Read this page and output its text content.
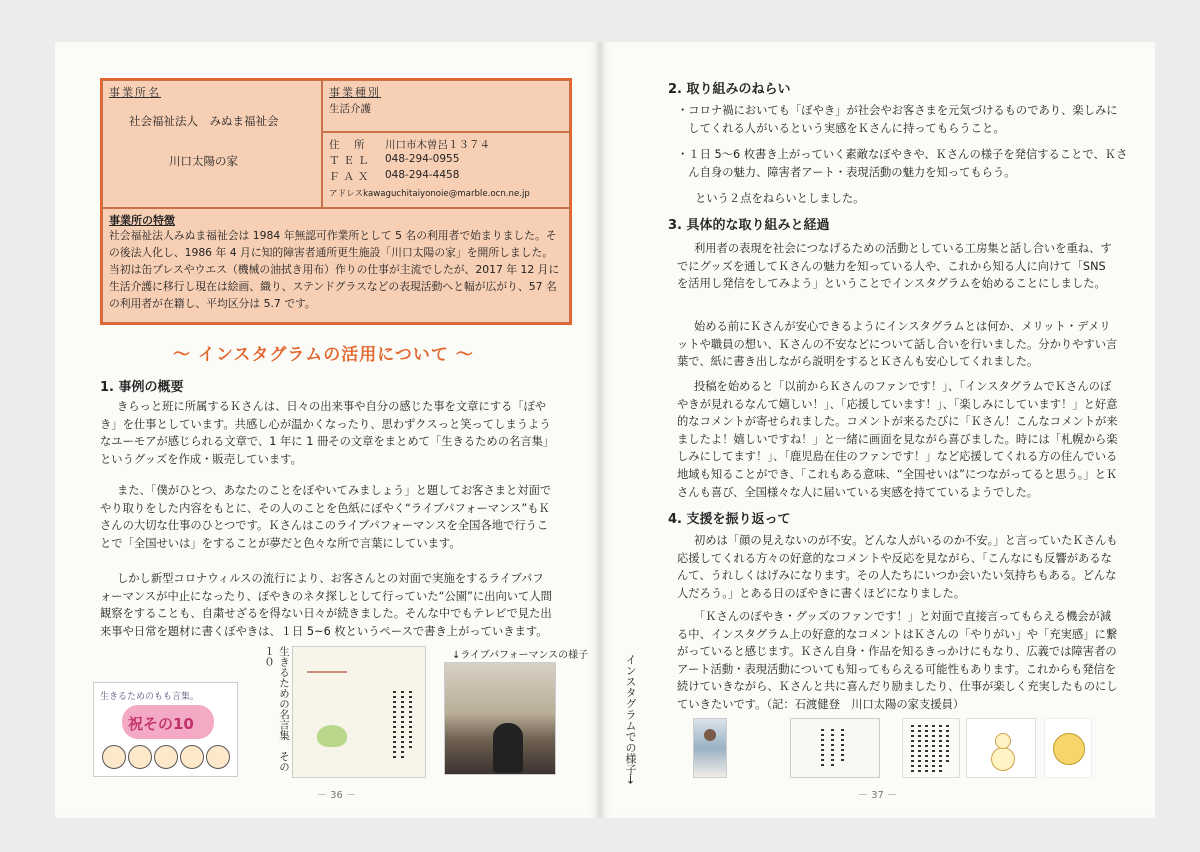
事業所名
社会福祉法人　みぬま福祉会
川口太陽の家
事業種別
生活介護
住　所 川口市木曽呂１３７４
ＴＥＬ 048-294-0955
ＦＡＸ 048-294-4458
アドレスkawaguchitaiyonoie@marble.ocn.ne.jp
事業所の特徴

社会福祉法人みぬま福祉会は 1984 年無認可作業所として 5 名の利用者で始まりました。その後法人化し、1986 年 4 月に知的障害者通所更生施設「川口太陽の家」を開所しました。当初は缶プレスやウエス（機械の油拭き用布）作りの仕事が主流でしたが、2017 年 12 月に生活介護に移行し現在は絵画、織り、ステンドグラスなどの表現活動へと幅が広がり、57 名の利用者が在籍し、平均区分は 5.7 です。

～ インスタグラムの活用について ～
1. 事例の概要

きらっと班に所属するＫさんは、日々の出来事や自分の感じた事を文章にする「ぼやき」を仕事としています。共感し心が温かくなったり、思わずクスっと笑ってしまうようなユーモアが感じられる文章で、1 年に 1 冊その文章をまとめて「生きるための名言集」というグッズを作成・販売しています。

また、「僕がひとつ、あなたのことをぼやいてみましょう」と題してお客さまと対面でやり取りをした内容をもとに、その人のことを色紙にぼやく“ライブパフォーマンス”もＫさんの大切な仕事のひとつです。Ｋさんはこのライブパフォーマンスを全国各地で行うことで「全国せいは」をすることが夢だと色々な所で言葉にしています。

しかし新型コロナウィルスの流行により、お客さんとの対面で実施をするライブパフォーマンスが中止になったり、ぼやきのネタ探しとして行っていた“公園”に出向いて人間観察をすることも、自粛せざるを得ない日々が続きました。そんな中でもテレビで見た出来事や日常を題材に書くぼやきは、１日 5~6 枚というペースで書き上がっていきます。

生きるためのもも言集。
祝その10	生きるための名言集　その１０	↓ライブパフォーマンスの様子
－ 36 －
2. 取り組みのねらい

・コロナ禍においても「ぼやき」が社会やお客さまを元気づけるものであり、楽しみにしてくれる人がいるという実感をＫさんに持ってもらうこと。

・１日 5～6 枚書き上がっていく素敵なぼやきや、Ｋさんの様子を発信することで、Ｋさん自身の魅力、障害者アート・表現活動の魅力を知ってもらう。

という２点をねらいとしました。

3. 具体的な取り組みと経過

利用者の表現を社会につなげるための活動としている工房集と話し合いを重ね、すでにグッズを通してＫさんの魅力を知っている人や、これから知る人に向けて「SNS を活用し発信をしてみよう」ということでインスタグラムを始めることにしました。

始める前にＫさんが安心できるようにインスタグラムとは何か、メリット・デメリットや職員の想い、Ｋさんの不安などについて話し合いを行いました。分かりやすい言葉で、紙に書き出しながら説明をするとＫさんも安心してくれました。

投稿を始めると「以前からＫさんのファンです！」、「インスタグラムでＫさんのぼやきが見れるなんて嬉しい！」、「応援しています！」、「楽しみにしています！」と好意的なコメントが寄せられました。コメントが来るたびに「Ｋさん！こんなコメントが来ましたよ！嬉しいですね！」と一緒に画面を見ながら喜びました。時には「札幌から楽しみにしてます！」、「鹿児島在住のファンです！」など応援してくれる方の住んでいる地域も知ることができ、「これもある意味、“全国せいは”につながってると思う。」とＫさんも喜び、全国様々な人に届いている実感を持てているようでした。

4. 支援を振り返って

初めは「顔の見えないのが不安。どんな人がいるのか不安。」と言っていたＫさんも応援してくれる方々の好意的なコメントや反応を見ながら、「こんなにも反響があるなんて、うれしくはげみになります。その人たちにいつか会いたい気持ちもある。どんな人だろう。」とある日のぼやきに書くほどになりました。

「Ｋさんのぼやき・グッズのファンです！」と対面で直接言ってもらえる機会が減る中、インスタグラム上の好意的なコメントはＫさんの「やりがい」や「充実感」に繋がっていると感じます。Ｋさん自身・作品を知るきっかけにもなり、広義では障害者のアート活動・表現活動についても知ってもらえる可能性もあります。これからも発信を続けていきながら、Ｋさんと共に喜んだり励ましたり、仕事が楽しく充実したものにしていきたいです。（記：石渡健登　川口太陽の家支援員）

インスタグラムでの様子→
－ 37 －
